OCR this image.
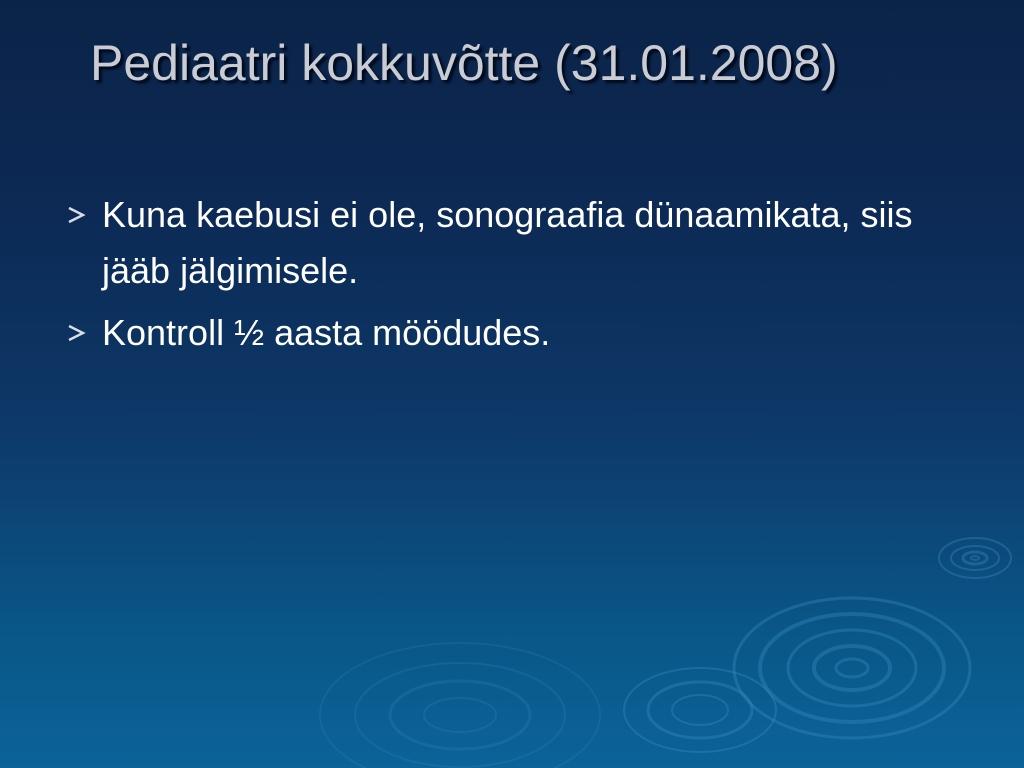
Pediaatri kokkuvõtte (31.01.2008)
Kuna kaebusi ei ole, sonograafia dünaamikata, siis jääb jälgimisele.
Kontroll ½ aasta möödudes.
